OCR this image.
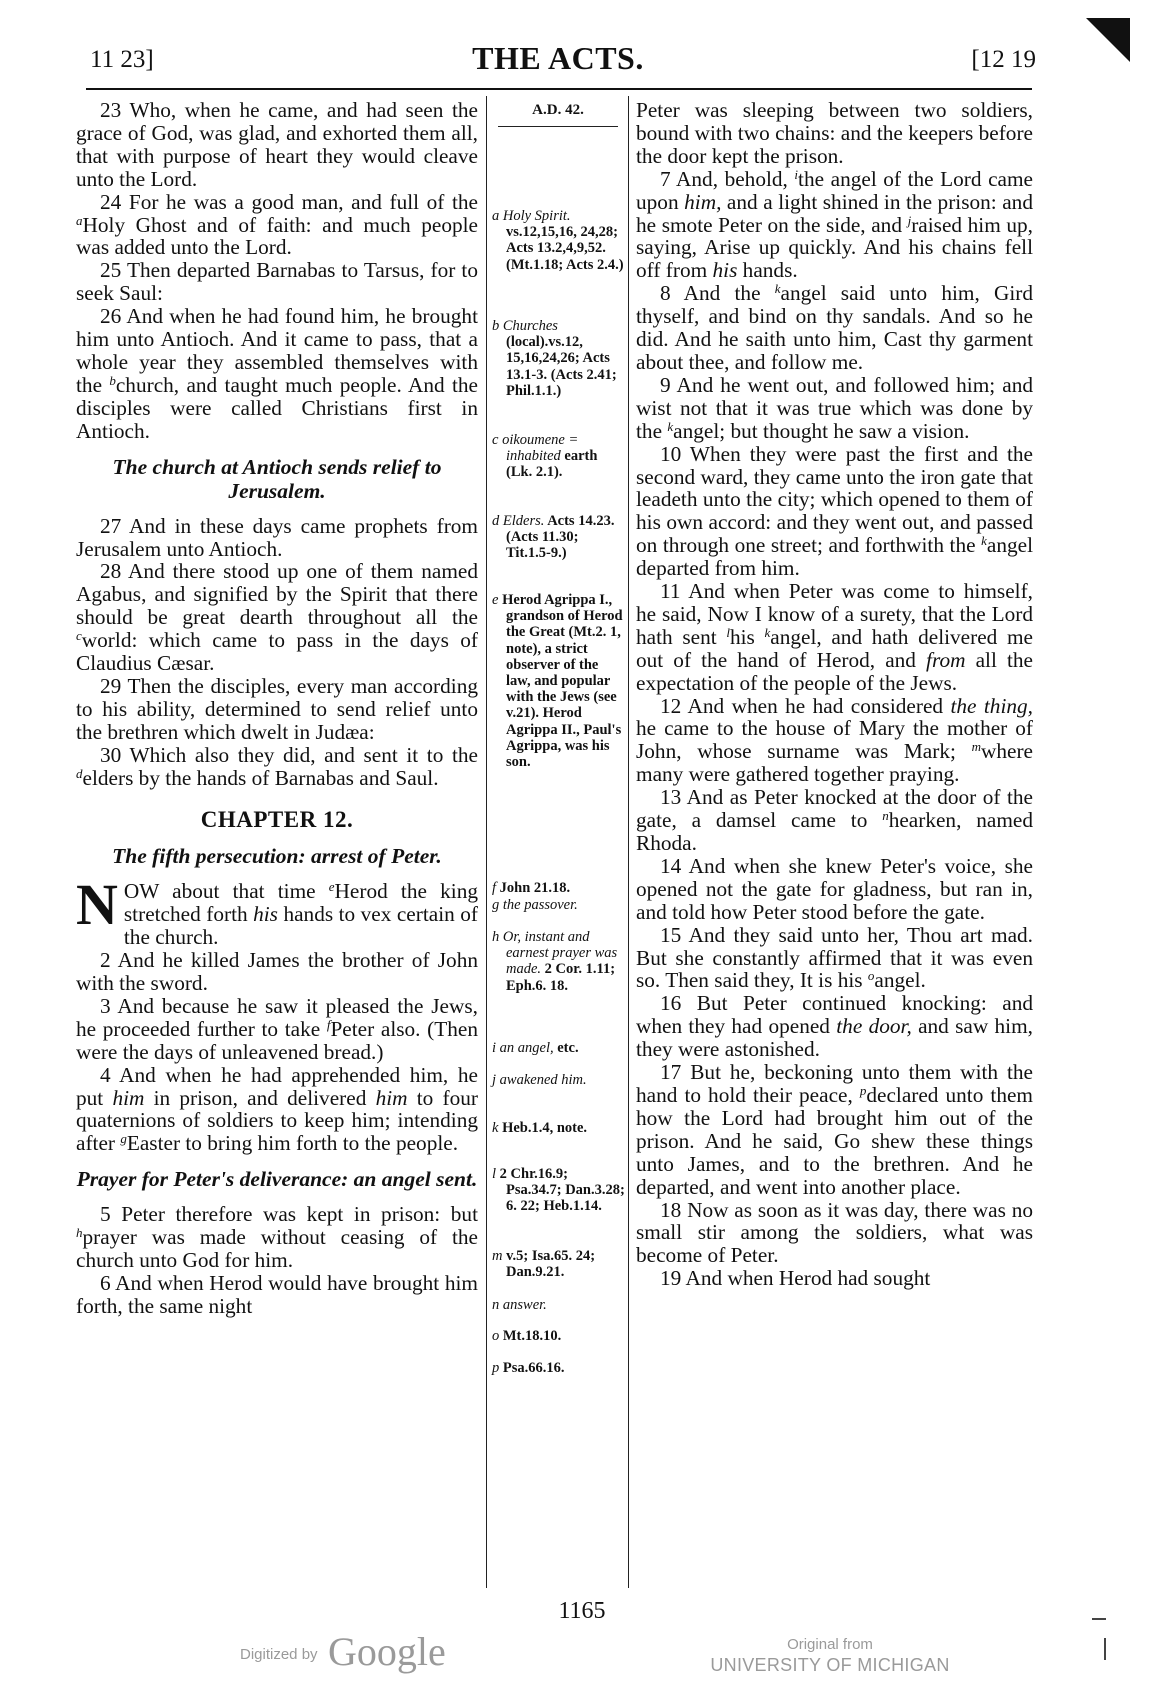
11 23]	THE ACTS.	[12 19

23 Who, when he came, and had seen the grace of God, was glad, and exhorted them all, that with purpose of heart they would cleave unto the Lord.

24 For he was a good man, and full of the $^a$Holy Ghost and of faith: and much people was added unto the Lord.

25 Then departed Barnabas to Tarsus, for to seek Saul:

26 And when he had found him, he brought him unto Antioch. And it came to pass, that a whole year they assembled themselves with the $^b$church, and taught much people. And the disciples were called Christians first in Antioch.

The church at Antioch sends relief to Jerusalem.

27 And in these days came prophets from Jerusalem unto Antioch.

28 And there stood up one of them named Agabus, and signified by the Spirit that there should be great dearth throughout all the $^c$world: which came to pass in the days of Claudius Cæsar.

29 Then the disciples, every man according to his ability, determined to send relief unto the brethren which dwelt in Judæa:

30 Which also they did, and sent it to the $^d$elders by the hands of Barnabas and Saul.

CHAPTER 12.
The fifth persecution: arrest of Peter.

NOW about that time $^e$Herod the king stretched forth his hands to vex certain of the church.

2 And he killed James the brother of John with the sword.

3 And because he saw it pleased the Jews, he proceeded further to take $^f$Peter also. (Then were the days of unleavened bread.)

4 And when he had apprehended him, he put him in prison, and delivered him to four quaternions of soldiers to keep him; intending after $^g$Easter to bring him forth to the people.

Prayer for Peter's deliverance: an angel sent.

5 Peter therefore was kept in prison: but $^h$prayer was made without ceasing of the church unto God for him.

6 And when Herod would have brought him forth, the same night

A.D. 42.
a Holy Spirit. vs.12,15,16, 24,28; Acts 13.2,4,9,52. (Mt.1.18; Acts 2.4.)
b Churches (local).vs.12, 15,16,24,26; Acts 13.1-3. (Acts 2.41; Phil.1.1.)
c oikoumene = inhabited earth (Lk. 2.1).
d Elders. Acts 14.23. (Acts 11.30; Tit.1.5-9.)
e Herod Agrippa I., grandson of Herod the Great (Mt.2. 1, note), a strict observer of the law, and popular with the Jews (see v.21). Herod Agrippa II., Paul's Agrippa, was his son.
f John 21.18.
g the passover.
h Or, instant and earnest prayer was made. 2 Cor. 1.11; Eph.6. 18.
i an angel, etc.
j awakened him.
k Heb.1.4, note.
l 2 Chr.16.9; Psa.34.7; Dan.3.28; 6. 22; Heb.1.14.
m v.5; Isa.65. 24; Dan.9.21.
n answer.
o Mt.18.10.
p Psa.66.16.

Peter was sleeping between two soldiers, bound with two chains: and the keepers before the door kept the prison.

7 And, behold, $^i$the angel of the Lord came upon him, and a light shined in the prison: and he smote Peter on the side, and $^j$raised him up, saying, Arise up quickly. And his chains fell off from his hands.

8 And the $^k$angel said unto him, Gird thyself, and bind on thy sandals. And so he did. And he saith unto him, Cast thy garment about thee, and follow me.

9 And he went out, and followed him; and wist not that it was true which was done by the $^k$angel; but thought he saw a vision.

10 When they were past the first and the second ward, they came unto the iron gate that leadeth unto the city; which opened to them of his own accord: and they went out, and passed on through one street; and forthwith the $^k$angel departed from him.

11 And when Peter was come to himself, he said, Now I know of a surety, that the Lord hath sent $^l$his $^k$angel, and hath delivered me out of the hand of Herod, and from all the expectation of the people of the Jews.

12 And when he had considered the thing, he came to the house of Mary the mother of John, whose surname was Mark; $^m$where many were gathered together praying.

13 And as Peter knocked at the door of the gate, a damsel came to $^n$hearken, named Rhoda.

14 And when she knew Peter's voice, she opened not the gate for gladness, but ran in, and told how Peter stood before the gate.

15 And they said unto her, Thou art mad. But she constantly affirmed that it was even so. Then said they, It is his $^o$angel.

16 But Peter continued knocking: and when they had opened the door, and saw him, they were astonished.

17 But he, beckoning unto them with the hand to hold their peace, $^p$declared unto them how the Lord had brought him out of the prison. And he said, Go shew these things unto James, and to the brethren. And he departed, and went into another place.

18 Now as soon as it was day, there was no small stir among the soldiers, what was become of Peter.

19 And when Herod had sought

1165
Digitized by Google	Original from
UNIVERSITY OF MICHIGAN
